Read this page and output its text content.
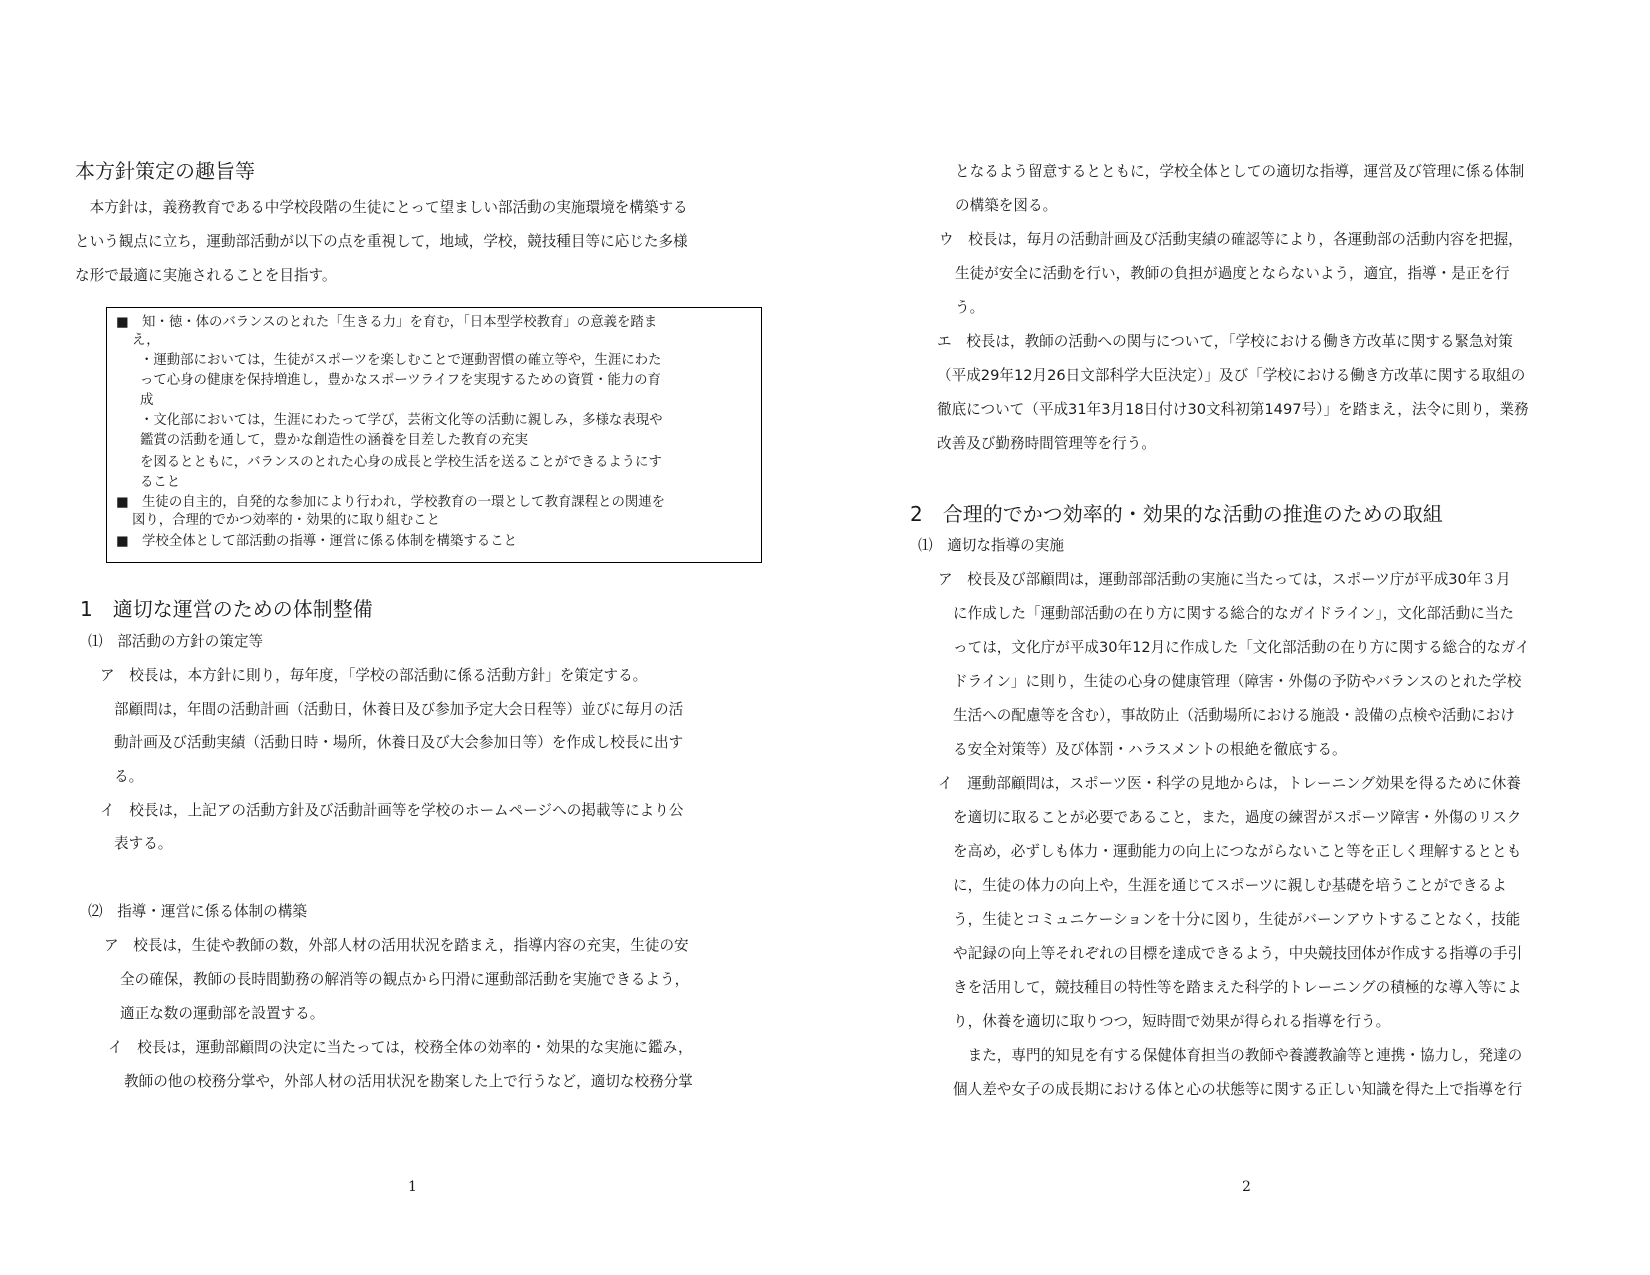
本方針策定の趣旨等
　本方針は，義務教育である中学校段階の生徒にとって望ましい部活動の実施環境を構築する
という観点に立ち，運動部活動が以下の点を重視して，地域，学校，競技種目等に応じた多様
な形で最適に実施されることを目指す。
■　知・徳・体のバランスのとれた「生きる力」を育む，「日本型学校教育」の意義を踏ま
え，
・運動部においては，生徒がスポーツを楽しむことで運動習慣の確立等や，生涯にわた
って心身の健康を保持増進し，豊かなスポーツライフを実現するための資質・能力の育
成
・文化部においては，生涯にわたって学び，芸術文化等の活動に親しみ，多様な表現や
鑑賞の活動を通して，豊かな創造性の涵養を目差した教育の充実
を図るとともに，バランスのとれた心身の成長と学校生活を送ることができるようにす
ること
■　生徒の自主的，自発的な参加により行われ，学校教育の一環として教育課程との関連を
図り，合理的でかつ効率的・効果的に取り組むこと
■　学校全体として部活動の指導・運営に係る体制を構築すること
1　適切な運営のための体制整備
⑴　部活動の方針の策定等
ア　校長は，本方針に則り，毎年度，「学校の部活動に係る活動方針」を策定する。
部顧問は，年間の活動計画（活動日，休養日及び参加予定大会日程等）並びに毎月の活
動計画及び活動実績（活動日時・場所，休養日及び大会参加日等）を作成し校長に出す
る。
イ　校長は，上記アの活動方針及び活動計画等を学校のホームページへの掲載等により公
表する。
⑵　指導・運営に係る体制の構築
ア　校長は，生徒や教師の数，外部人材の活用状況を踏まえ，指導内容の充実，生徒の安
全の確保，教師の長時間勤務の解消等の観点から円滑に運動部活動を実施できるよう，
適正な数の運動部を設置する。
イ　校長は，運動部顧問の決定に当たっては，校務全体の効率的・効果的な実施に鑑み，
教師の他の校務分掌や，外部人材の活用状況を勘案した上で行うなど，適切な校務分掌
1
となるよう留意するとともに，学校全体としての適切な指導，運営及び管理に係る体制
の構築を図る。
ウ　校長は，毎月の活動計画及び活動実績の確認等により，各運動部の活動内容を把握，
生徒が安全に活動を行い，教師の負担が過度とならないよう，適宜，指導・是正を行
う。
エ　校長は，教師の活動への関与について，「学校における働き方改革に関する緊急対策
（平成29年12月26日文部科学大臣決定）」及び「学校における働き方改革に関する取組の
徹底について（平成31年3月18日付け30文科初第1497号）」を踏まえ，法令に則り，業務
改善及び勤務時間管理等を行う。
2　合理的でかつ効率的・効果的な活動の推進のための取組
⑴　適切な指導の実施
ア　校長及び部顧問は，運動部部活動の実施に当たっては，スポーツ庁が平成30年３月
に作成した「運動部活動の在り方に関する総合的なガイドライン」，文化部活動に当た
っては，文化庁が平成30年12月に作成した「文化部活動の在り方に関する総合的なガイ
ドライン」に則り，生徒の心身の健康管理（障害・外傷の予防やバランスのとれた学校
生活への配慮等を含む），事故防止（活動場所における施設・設備の点検や活動におけ
る安全対策等）及び体罰・ハラスメントの根絶を徹底する。
イ　運動部顧問は，スポーツ医・科学の見地からは，トレーニング効果を得るために休養
を適切に取ることが必要であること，また，過度の練習がスポーツ障害・外傷のリスク
を高め，必ずしも体力・運動能力の向上につながらないこと等を正しく理解するととも
に，生徒の体力の向上や，生涯を通じてスポーツに親しむ基礎を培うことができるよ
う，生徒とコミュニケーションを十分に図り，生徒がバーンアウトすることなく，技能
や記録の向上等それぞれの目標を達成できるよう，中央競技団体が作成する指導の手引
きを活用して，競技種目の特性等を踏まえた科学的トレーニングの積極的な導入等によ
り，休養を適切に取りつつ，短時間で効果が得られる指導を行う。
　また，専門的知見を有する保健体育担当の教師や養護教諭等と連携・協力し，発達の
個人差や女子の成長期における体と心の状態等に関する正しい知識を得た上で指導を行
2
